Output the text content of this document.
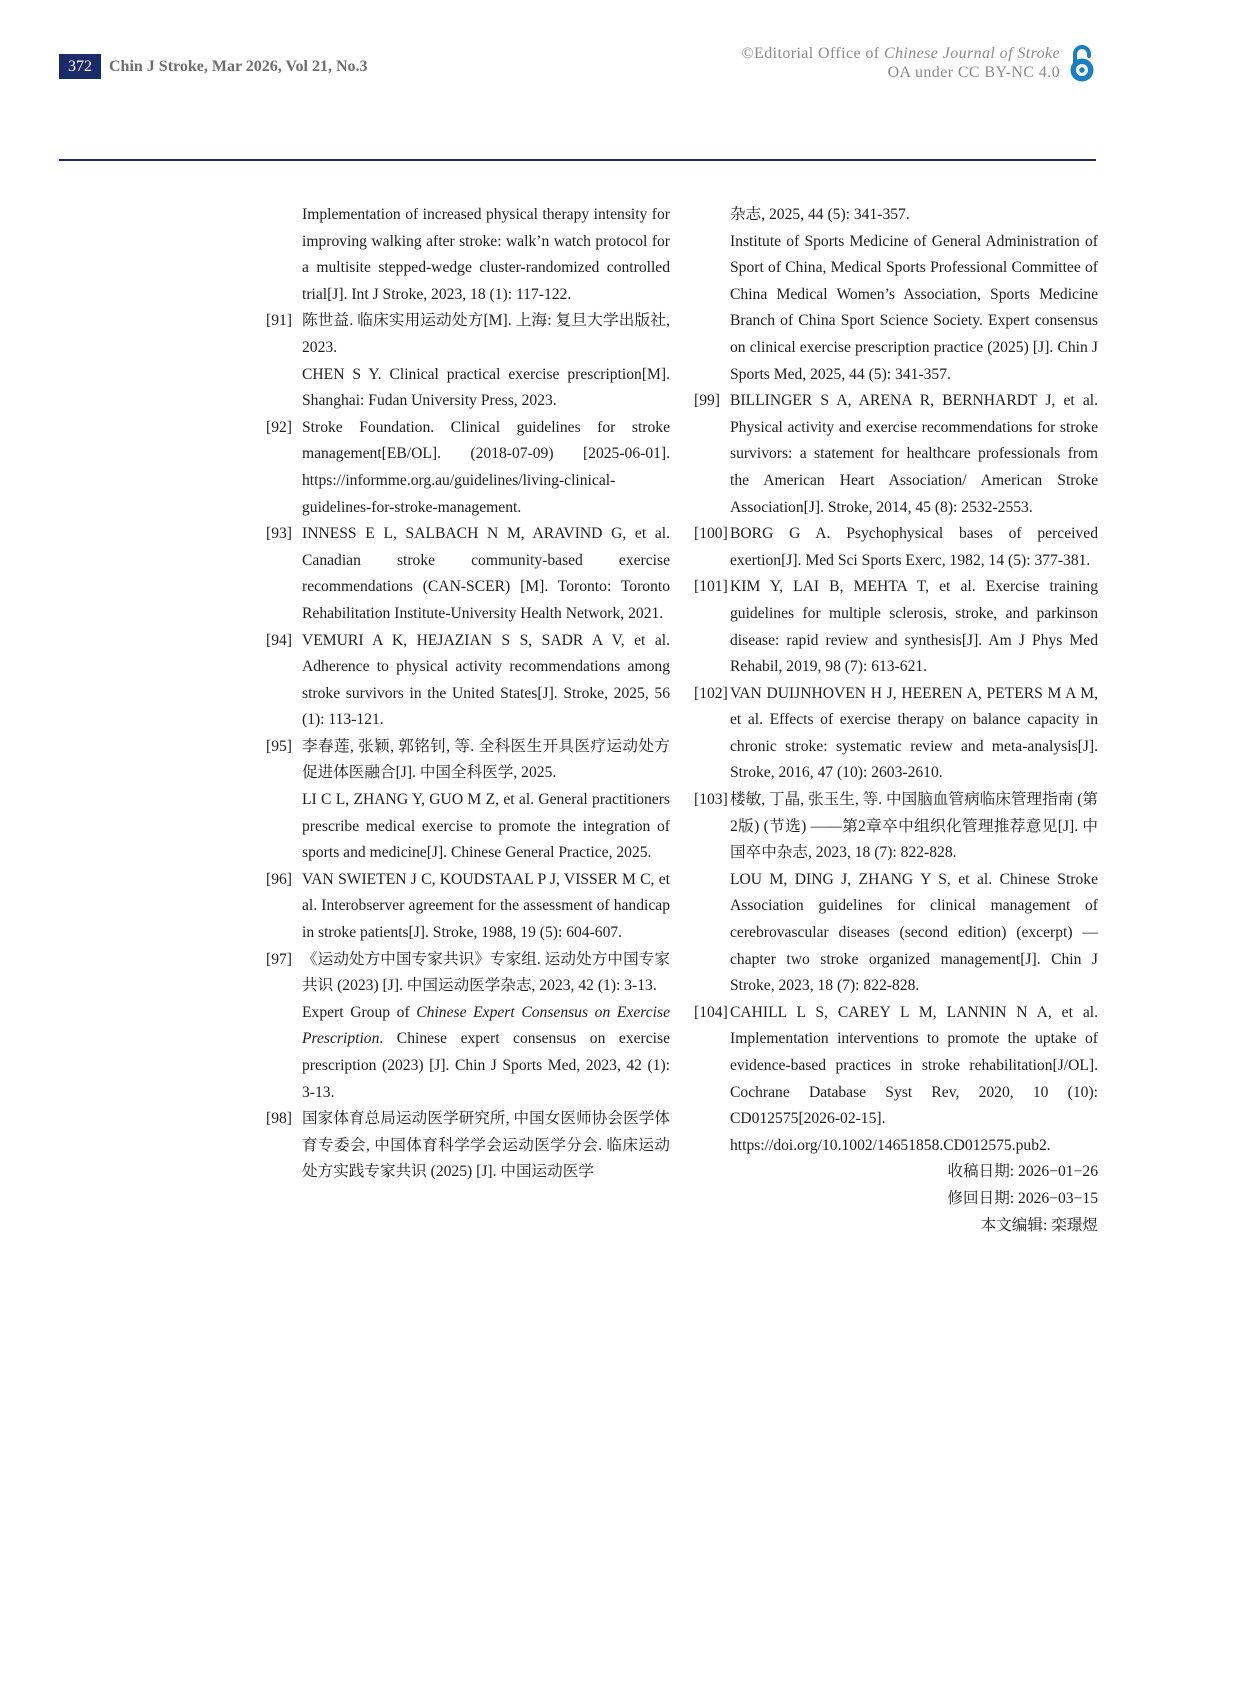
372	Chin J Stroke, Mar 2026, Vol 21, No.3
©Editorial Office of Chinese Journal of Stroke
OA under CC BY-NC 4.0

Implementation of increased physical therapy intensity for improving walking after stroke: walk’n watch protocol for a multisite stepped-wedge cluster-randomized controlled trial[J]. Int J Stroke, 2023, 18 (1): 117-122.

[91] 陈世益. 临床实用运动处方[M]. 上海: 复旦大学出版社, 2023.

CHEN S Y. Clinical practical exercise prescription[M]. Shanghai: Fudan University Press, 2023.

[92] Stroke Foundation. Clinical guidelines for stroke management[EB/OL]. (2018-07-09) [2025-06-01]. https://informme.org.au/guidelines/living-clinical-guidelines-for-stroke-management.

[93] INNESS E L, SALBACH N M, ARAVIND G, et al. Canadian stroke community-based exercise recommendations (CAN-SCER) [M]. Toronto: Toronto Rehabilitation Institute-University Health Network, 2021.

[94] VEMURI A K, HEJAZIAN S S, SADR A V, et al. Adherence to physical activity recommendations among stroke survivors in the United States[J]. Stroke, 2025, 56 (1): 113-121.

[95] 李春莲, 张颖, 郭铭钊, 等. 全科医生开具医疗运动处方促进体医融合[J]. 中国全科医学, 2025.

LI C L, ZHANG Y, GUO M Z, et al. General practitioners prescribe medical exercise to promote the integration of sports and medicine[J]. Chinese General Practice, 2025.

[96] VAN SWIETEN J C, KOUDSTAAL P J, VISSER M C, et al. Interobserver agreement for the assessment of handicap in stroke patients[J]. Stroke, 1988, 19 (5): 604-607.

[97] 《运动处方中国专家共识》专家组. 运动处方中国专家共识 (2023) [J]. 中国运动医学杂志, 2023, 42 (1): 3-13.

Expert Group of Chinese Expert Consensus on Exercise Prescription. Chinese expert consensus on exercise prescription (2023) [J]. Chin J Sports Med, 2023, 42 (1): 3-13.

[98] 国家体育总局运动医学研究所, 中国女医师协会医学体育专委会, 中国体育科学学会运动医学分会. 临床运动处方实践专家共识 (2025) [J]. 中国运动医学

杂志, 2025, 44 (5): 341-357.

Institute of Sports Medicine of General Administration of Sport of China, Medical Sports Professional Committee of China Medical Women’s Association, Sports Medicine Branch of China Sport Science Society. Expert consensus on clinical exercise prescription practice (2025) [J]. Chin J Sports Med, 2025, 44 (5): 341-357.

[99] BILLINGER S A, ARENA R, BERNHARDT J, et al. Physical activity and exercise recommendations for stroke survivors: a statement for healthcare professionals from the American Heart Association/ American Stroke Association[J]. Stroke, 2014, 45 (8): 2532-2553.

[100] BORG G A. Psychophysical bases of perceived exertion[J]. Med Sci Sports Exerc, 1982, 14 (5): 377-381.

[101] KIM Y, LAI B, MEHTA T, et al. Exercise training guidelines for multiple sclerosis, stroke, and parkinson disease: rapid review and synthesis[J]. Am J Phys Med Rehabil, 2019, 98 (7): 613-621.

[102] VAN DUIJNHOVEN H J, HEEREN A, PETERS M A M, et al. Effects of exercise therapy on balance capacity in chronic stroke: systematic review and meta-analysis[J]. Stroke, 2016, 47 (10): 2603-2610.

[103] 楼敏, 丁晶, 张玉生, 等. 中国脑血管病临床管理指南 (第2版) (节选) ——第2章卒中组织化管理推荐意见[J]. 中国卒中杂志, 2023, 18 (7): 822-828.

LOU M, DING J, ZHANG Y S, et al. Chinese Stroke Association guidelines for clinical management of cerebrovascular diseases (second edition) (excerpt) — chapter two stroke organized management[J]. Chin J Stroke, 2023, 18 (7): 822-828.

[104] CAHILL L S, CAREY L M, LANNIN N A, et al. Implementation interventions to promote the uptake of evidence-based practices in stroke rehabilitation[J/OL]. Cochrane Database Syst Rev, 2020, 10 (10): CD012575[2026-02-15]. https://doi.org/10.1002/14651858.CD012575.pub2.

收稿日期: 2026−01−26

修回日期: 2026−03−15

本文编辑: 栾璟煜
